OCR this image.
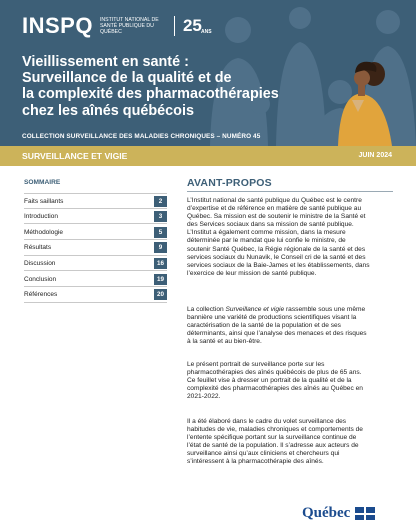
INSPQ INSTITUT NATIONAL DE SANTÉ PUBLIQUE DU QUÉBEC	25 ANS
Vieillissement en santé :
Surveillance de la qualité et de
la complexité des pharmacothérapies
chez les aînés québécois
COLLECTION SURVEILLANCE DES MALADIES CHRONIQUES – NUMÉRO 45
SURVEILLANCE ET VIGIE	JUIN 2024
SOMMAIRE
Faits saillants	2
Introduction	3
Méthodologie	5
Résultats	9
Discussion	16
Conclusion	19
Références	20
AVANT-PROPOS
L’Institut national de santé publique du Québec est le centre
d’expertise et de référence en matière de santé publique au
Québec. Sa mission est de soutenir le ministre de la Santé et
des Services sociaux dans sa mission de santé publique.
L’Institut a également comme mission, dans la mesure
déterminée par le mandat que lui confie le ministre, de
soutenir Santé Québec, la Régie régionale de la santé et des
services sociaux du Nunavik, le Conseil cri de la santé et des
services sociaux de la Baie-James et les établissements, dans
l’exercice de leur mission de santé publique.
La collection Surveillance et vigie rassemble sous une même
bannière une variété de productions scientifiques visant la
caractérisation de la santé de la population et de ses
déterminants, ainsi que l’analyse des menaces et des risques
à la santé et au bien-être.
Le présent portrait de surveillance porte sur les
pharmacothérapies des aînés québécois de plus de 65 ans.
Ce feuillet vise à dresser un portrait de la qualité et de la
complexité des pharmacothérapies des aînés au Québec en
2021-2022.
Il a été élaboré dans le cadre du volet surveillance des
habitudes de vie, maladies chroniques et comportements de
l’entente spécifique portant sur la surveillance continue de
l’état de santé de la population. Il s’adresse aux acteurs de
surveillance ainsi qu’aux cliniciens et chercheurs qui
s’intéressent à la pharmacothérapie des aînés.
Québec
